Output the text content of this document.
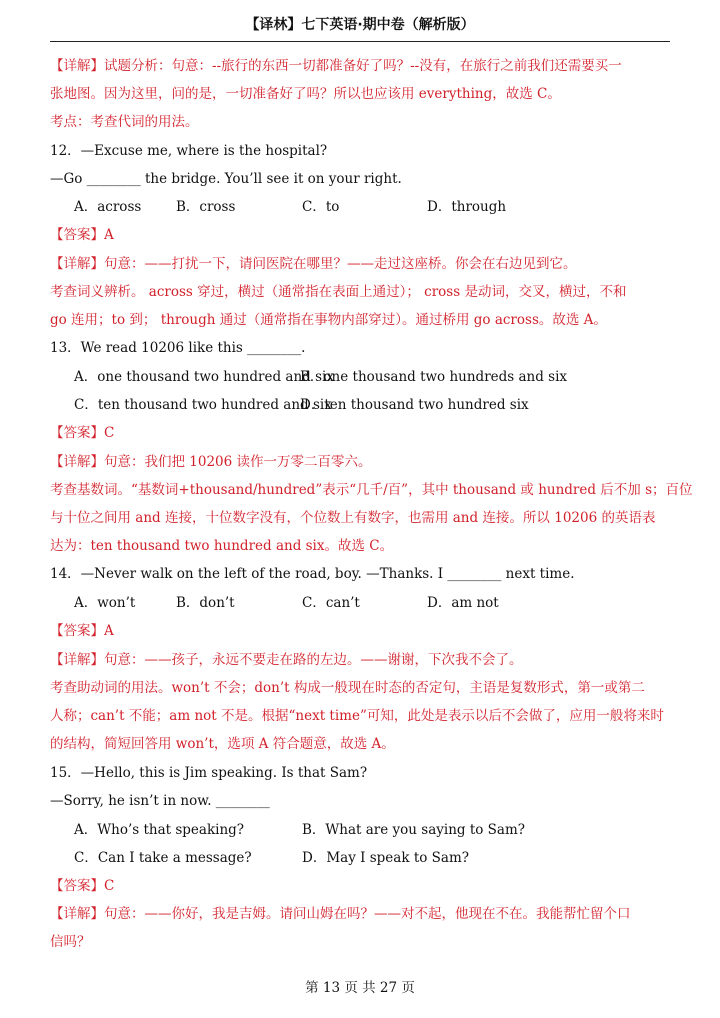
【译林】七下英语·期中卷（解析版）
【详解】试题分析：句意：--旅行的东西一切都准备好了吗？--没有，在旅行之前我们还需要买一
张地图。因为这里，问的是，一切准备好了吗？所以也应该用 everything，故选 C。
考点：考查代词的用法。
12．—Excuse me, where is the hospital?
—Go ________ the bridge. You’ll see it on your right.
A．across	B．cross	C．to	D．through
【答案】A
【详解】句意：——打扰一下，请问医院在哪里？——走过这座桥。你会在右边见到它。
考查词义辨析。 across 穿过，横过（通常指在表面上通过）； cross 是动词，交叉，横过，不和
go 连用；to 到； through 通过（通常指在事物内部穿过）。通过桥用 go across。故选 A。
13．We read 10206 like this ________.
A．one thousand two hundred and six
B．one thousand two hundreds and six
C．ten thousand two hundred and six
D．ten thousand two hundred six
【答案】C
【详解】句意：我们把 10206 读作一万零二百零六。
考查基数词。“基数词+thousand/hundred”表示“几千/百”，其中 thousand 或 hundred 后不加 s；百位
与十位之间用 and 连接，十位数字没有，个位数上有数字，也需用 and 连接。所以 10206 的英语表
达为：ten thousand two hundred and six。故选 C。
14．—Never walk on the left of the road, boy. —Thanks. I ________ next time.
A．won’t	B．don’t	C．can’t	D．am not
【答案】A
【详解】句意：——孩子，永远不要走在路的左边。——谢谢，下次我不会了。
考查助动词的用法。won’t 不会；don’t 构成一般现在时态的否定句，主语是复数形式，第一或第二
人称；can’t 不能；am not 不是。根据“next time”可知，此处是表示以后不会做了，应用一般将来时
的结构，简短回答用 won’t，选项 A 符合题意，故选 A。
15．—Hello, this is Jim speaking. Is that Sam?
—Sorry, he isn’t in now. ________
A．Who’s that speaking?	B．What are you saying to Sam?
C．Can I take a message?	D．May I speak to Sam?
【答案】C
【详解】句意：——你好，我是吉姆。请问山姆在吗？——对不起，他现在不在。我能帮忙留个口
信吗？
第 13 页 共 27 页
